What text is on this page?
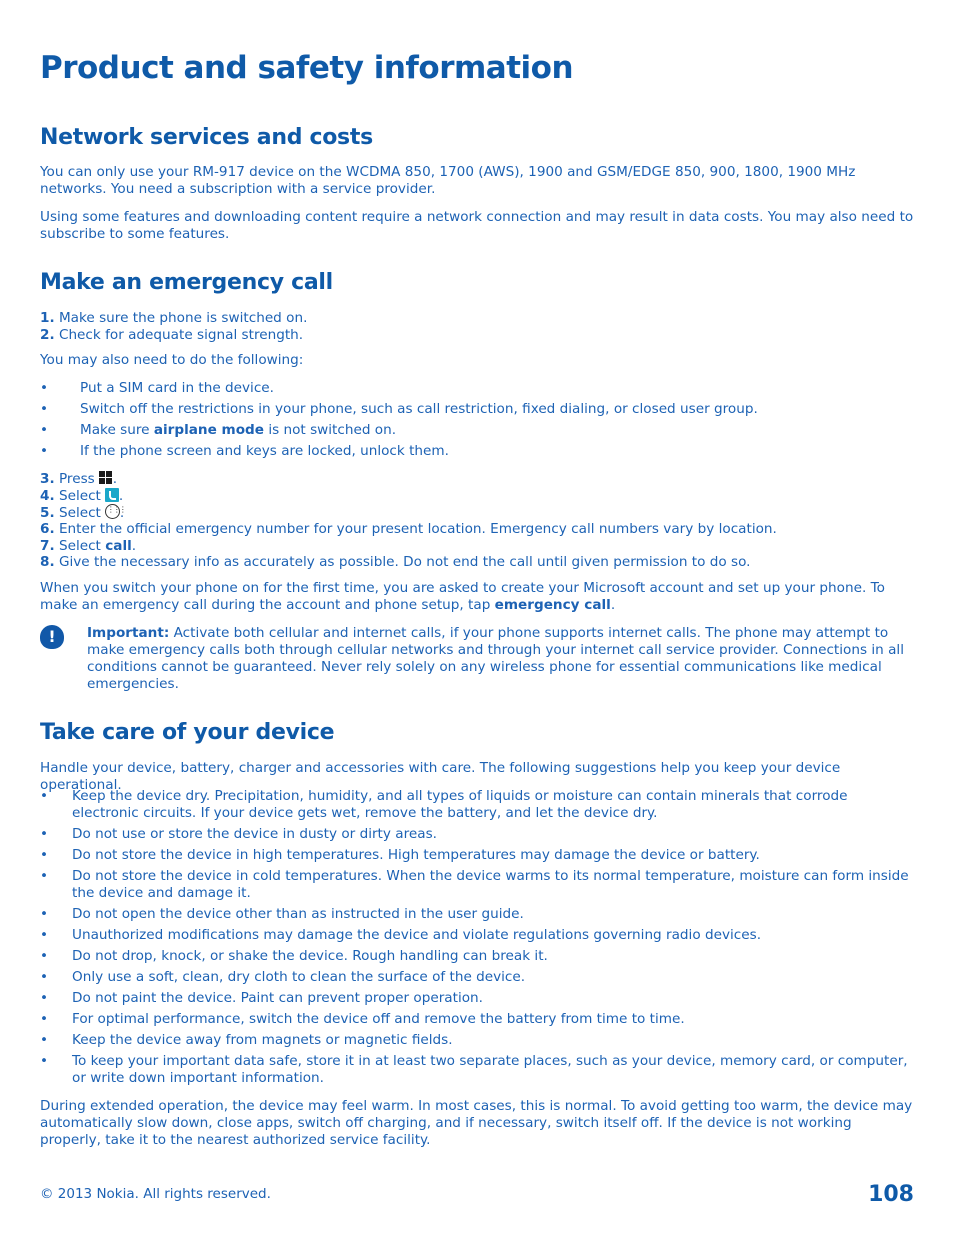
Product and safety information
Network services and costs

You can only use your RM-917 device on the WCDMA 850, 1700 (AWS), 1900 and GSM/EDGE 850, 900, 1800, 1900 MHz networks. You need a subscription with a service provider.

Using some features and downloading content require a network connection and may result in data costs. You may also need to subscribe to some features.

Make an emergency call
1. Make sure the phone is switched on.
2. Check for adequate signal strength.

You may also need to do the following:

• Put a SIM card in the device.
• Switch off the restrictions in your phone, such as call restriction, fixed dialing, or closed user group.
• Make sure airplane mode is not switched on.
• If the phone screen and keys are locked, unlock them.
3. Press .
4. Select .
5. Select⋮⋮⋮ .
6. Enter the official emergency number for your present location. Emergency call numbers vary by location.
7. Select call.
8. Give the necessary info as accurately as possible. Do not end the call until given permission to do so.

When you switch your phone on for the first time, you are asked to create your Microsoft account and set up your phone. To make an emergency call during the account and phone setup, tap emergency call.

!	Important: Activate both cellular and internet calls, if your phone supports internet calls. The phone may attempt to make emergency calls both through cellular networks and through your internet call service provider. Connections in all conditions cannot be guaranteed. Never rely solely on any wireless phone for essential communications like medical emergencies.

Take care of your device

Handle your device, battery, charger and accessories with care. The following suggestions help you keep your device operational.

• Keep the device dry. Precipitation, humidity, and all types of liquids or moisture can contain minerals that corrode electronic circuits. If your device gets wet, remove the battery, and let the device dry.
• Do not use or store the device in dusty or dirty areas.
• Do not store the device in high temperatures. High temperatures may damage the device or battery.
• Do not store the device in cold temperatures. When the device warms to its normal temperature, moisture can form inside the device and damage it.
• Do not open the device other than as instructed in the user guide.
• Unauthorized modifications may damage the device and violate regulations governing radio devices.
• Do not drop, knock, or shake the device. Rough handling can break it.
• Only use a soft, clean, dry cloth to clean the surface of the device.
• Do not paint the device. Paint can prevent proper operation.
• For optimal performance, switch the device off and remove the battery from time to time.
• Keep the device away from magnets or magnetic fields.
• To keep your important data safe, store it in at least two separate places, such as your device, memory card, or computer, or write down important information.

During extended operation, the device may feel warm. In most cases, this is normal. To avoid getting too warm, the device may automatically slow down, close apps, switch off charging, and if necessary, switch itself off. If the device is not working properly, take it to the nearest authorized service facility.

© 2013 Nokia. All rights reserved.	108
